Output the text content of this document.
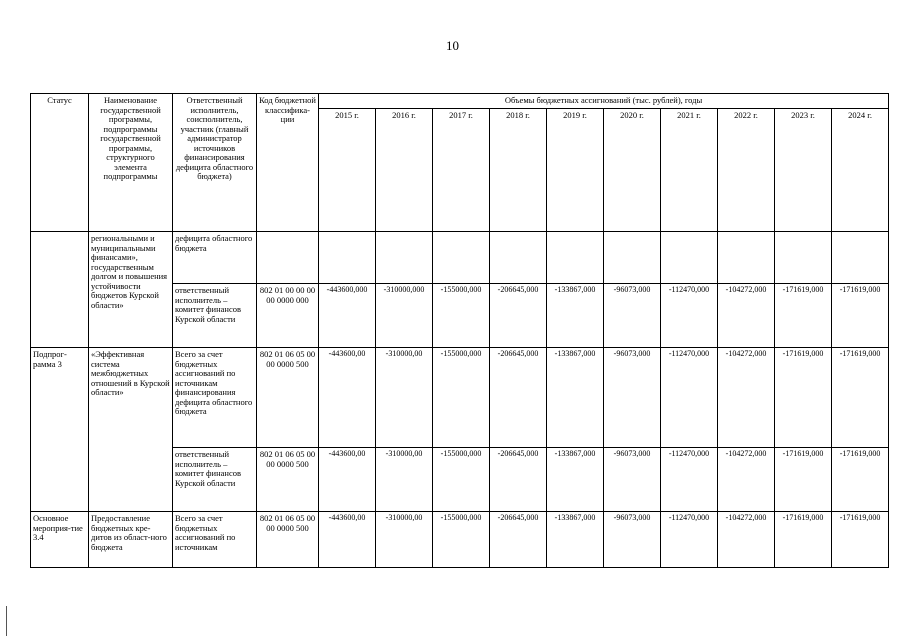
10
Статус	Наименование государственной программы, подпрограммы государственной программы, структурного элемента подпрограммы	Ответственный исполнитель, соисполнитель, участник (главный администратор источников финансирования дефицита областного бюджета)	Код бюджетной классифика-ции	Объемы бюджетных ассигнований (тыс. рублей), годы									
				2015 г.	2016 г.	2017 г.	2018 г.	2019 г.	2020 г.	2021 г.	2022 г.	2023 г.	2024 г.
	региональными и муниципальными финансами», государственным долгом и повышения устойчивости бюджетов Курской области»	дефицита областного бюджета											
		ответственный исполнитель – комитет финансов Курской области	802 01 00 00 00 00 0000 000	-443600,000	-310000,000	-155000,000	-206645,000	-133867,000	-96073,000	-112470,000	-104272,000	-171619,000	-171619,000
Подпрог-рамма 3	«Эффективная система межбюджетных отношений в Курской области»	Всего за счет бюджетных ассигнований по источникам финансирования дефицита областного бюджета	802 01 06 05 00 00 0000 500	-443600,00	-310000,00	-155000,000	-206645,000	-133867,000	-96073,000	-112470,000	-104272,000	-171619,000	-171619,000
		ответственный исполнитель – комитет финансов Курской области	802 01 06 05 00 00 0000 500	-443600,00	-310000,00	-155000,000	-206645,000	-133867,000	-96073,000	-112470,000	-104272,000	-171619,000	-171619,000
Основное мероприя-тие 3.4	Предоставление бюджетных кре-дитов из област-ного бюджета	Всего за счет бюджетных ассигнований по источникам	802 01 06 05 00 00 0000 500	-443600,00	-310000,00	-155000,000	-206645,000	-133867,000	-96073,000	-112470,000	-104272,000	-171619,000	-171619,000
